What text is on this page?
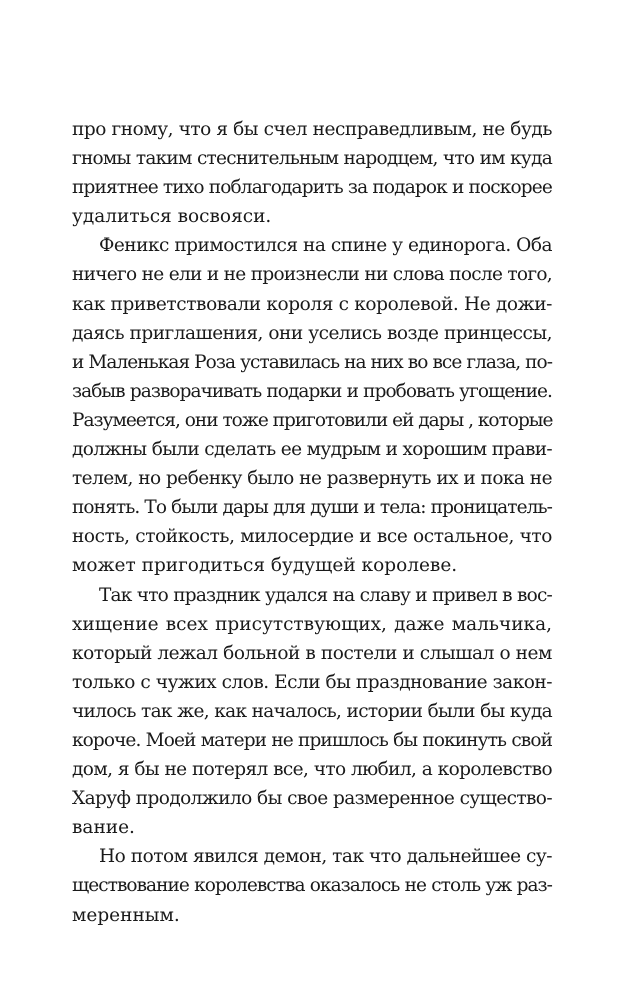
про гному, что я бы счел несправедливым, не будь
гномы таким стеснительным народцем, что им куда
приятнее тихо поблагодарить за подарок и поскорее
удалиться восвояси.

Феникс примостился на спине у единорога. Оба
ничего не ели и не произнесли ни слова после того,
как приветствовали короля с королевой. Не дожи-
даясь приглашения, они уселись возде принцессы,
и Маленькая Роза уставилась на них во все глаза, по-
забыв разворачивать подарки и пробовать угощение.
Разумеется, они тоже приготовили ей дары , которые
должны были сделать ее мудрым и хорошим прави-
телем, но ребенку было не развернуть их и пока не
понять. То были дары для души и тела: проницатель-
ность, стойкость, милосердие и все остальное, что
может пригодиться будущей королеве.

Так что праздник удался на славу и привел в вос-
хищение всех присутствующих, даже мальчика,
который лежал больной в постели и слышал о нем
только с чужих слов. Если бы празднование закон-
чилось так же, как началось, истории были бы куда
короче. Моей матери не пришлось бы покинуть свой
дом, я бы не потерял все, что любил, а королевство
Харуф продолжило бы свое размеренное существо-
вание.

Но потом явился демон, так что дальнейшее су-
ществование королевства оказалось не столь уж раз-
меренным.
